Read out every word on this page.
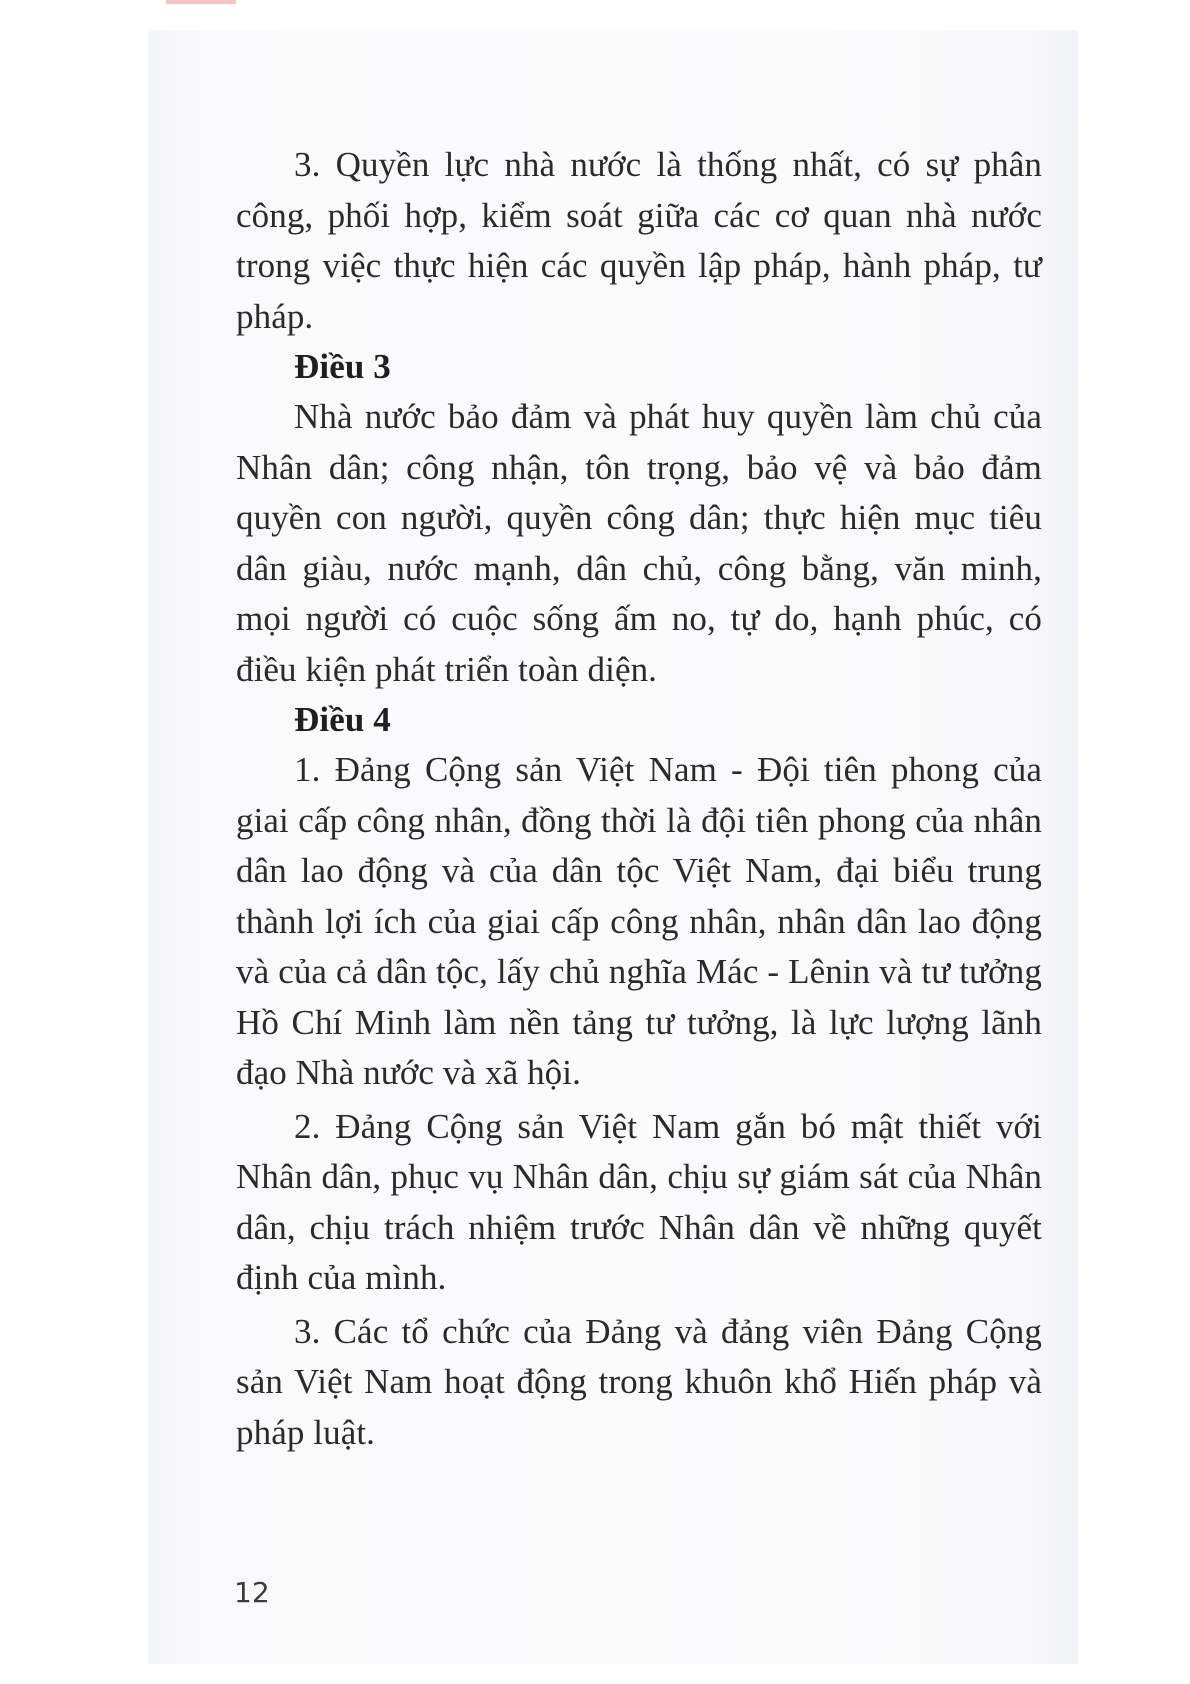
3. Quyền lực nhà nước là thống nhất, có sự phân công, phối hợp, kiểm soát giữa các cơ quan nhà nước trong việc thực hiện các quyền lập pháp, hành pháp, tư pháp.

Điều 3

Nhà nước bảo đảm và phát huy quyền làm chủ của Nhân dân; công nhận, tôn trọng, bảo vệ và bảo đảm quyền con người, quyền công dân; thực hiện mục tiêu dân giàu, nước mạnh, dân chủ, công bằng, văn minh, mọi người có cuộc sống ấm no, tự do, hạnh phúc, có điều kiện phát triển toàn diện.

Điều 4

1. Đảng Cộng sản Việt Nam - Đội tiên phong của giai cấp công nhân, đồng thời là đội tiên phong của nhân dân lao động và của dân tộc Việt Nam, đại biểu trung thành lợi ích của giai cấp công nhân, nhân dân lao động và của cả dân tộc, lấy chủ nghĩa Mác - Lênin và tư tưởng Hồ Chí Minh làm nền tảng tư tưởng, là lực lượng lãnh đạo Nhà nước và xã hội.

2. Đảng Cộng sản Việt Nam gắn bó mật thiết với Nhân dân, phục vụ Nhân dân, chịu sự giám sát của Nhân dân, chịu trách nhiệm trước Nhân dân về những quyết định của mình.

3. Các tổ chức của Đảng và đảng viên Đảng Cộng sản Việt Nam hoạt động trong khuôn khổ Hiến pháp và pháp luật.

12
